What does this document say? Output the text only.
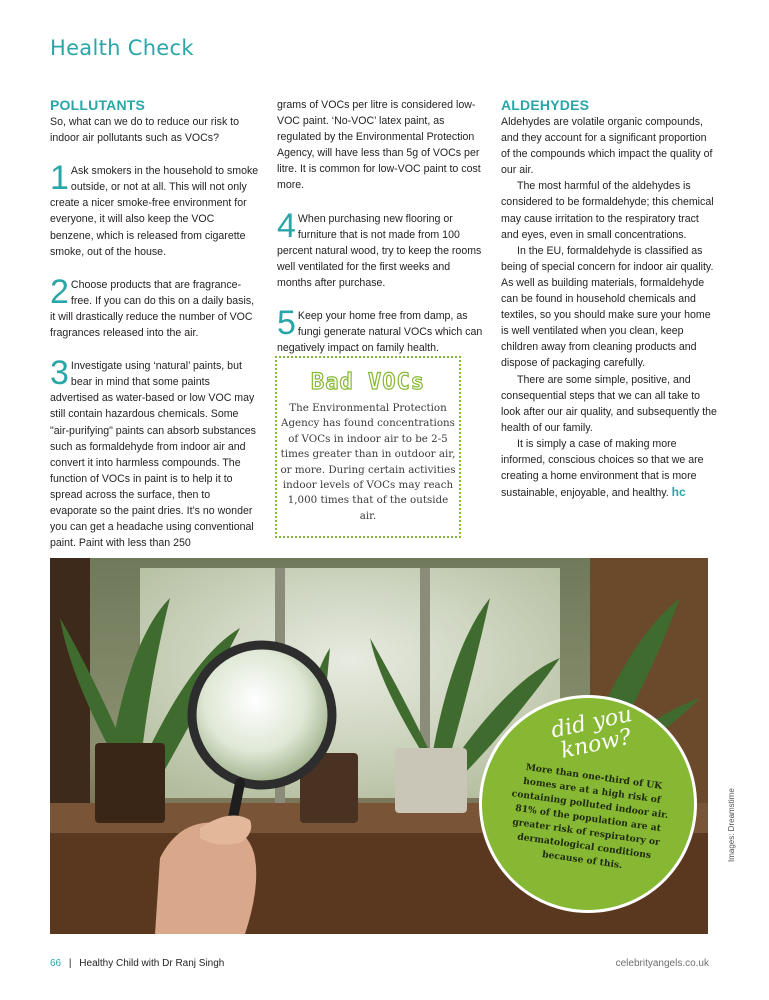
Health Check

POLLUTANTS

So, what can we do to reduce our risk to indoor air pollutants such as VOCs?

1 Ask smokers in the household to smoke outside, or not at all. This will not only create a nicer smoke-free environment for everyone, it will also keep the VOC benzene, which is released from cigarette smoke, out of the house.

2 Choose products that are fragrance-free. If you can do this on a daily basis, it will drastically reduce the number of VOC fragrances released into the air.

3 Investigate using ‘natural’ paints, but bear in mind that some paints advertised as water-based or low VOC may still contain hazardous chemicals. Some "air-purifying" paints can absorb substances such as formaldehyde from indoor air and convert it into harmless compounds. The function of VOCs in paint is to help it to spread across the surface, then to evaporate so the paint dries. It’s no wonder you can get a headache using conventional paint. Paint with less than 250

grams of VOCs per litre is considered low-VOC paint. ‘No-VOC’ latex paint, as regulated by the Environmental Protection Agency, will have less than 5g of VOCs per litre. It is common for low-VOC paint to cost more.

4 When purchasing new flooring or furniture that is not made from 100 percent natural wood, try to keep the rooms well ventilated for the first weeks and months after purchase.

5 Keep your home free from damp, as fungi generate natural VOCs which can negatively impact on family health.

Bad VOCs
The Environmental Protection Agency has found concentrations of VOCs in indoor air to be 2-5 times greater than in outdoor air, or more. During certain activities indoor levels of VOCs may reach 1,000 times that of the outside air.

ALDEHYDES

Aldehydes are volatile organic compounds, and they account for a significant proportion of the compounds which impact the quality of our air.

The most harmful of the aldehydes is considered to be formaldehyde; this chemical may cause irritation to the respiratory tract and eyes, even in small concentrations.

In the EU, formaldehyde is classified as being of special concern for indoor air quality. As well as building materials, formaldehyde can be found in household chemicals and textiles, so you should make sure your home is well ventilated when you clean, keep children away from cleaning products and dispose of packaging carefully.

There are some simple, positive, and consequential steps that we can all take to look after our air quality, and subsequently the health of our family.

It is simply a case of making more informed, conscious choices so that we are creating a home environment that is more sustainable, enjoyable, and healthy. hc

did you know?
More than one-third of UK homes are at a high risk of containing polluted indoor air. 81% of the population are at greater risk of respiratory or dermatological conditions because of this.	Images: Dreamstime
66 | Healthy Child with Dr Ranj Singh	celebrityangels.co.uk
